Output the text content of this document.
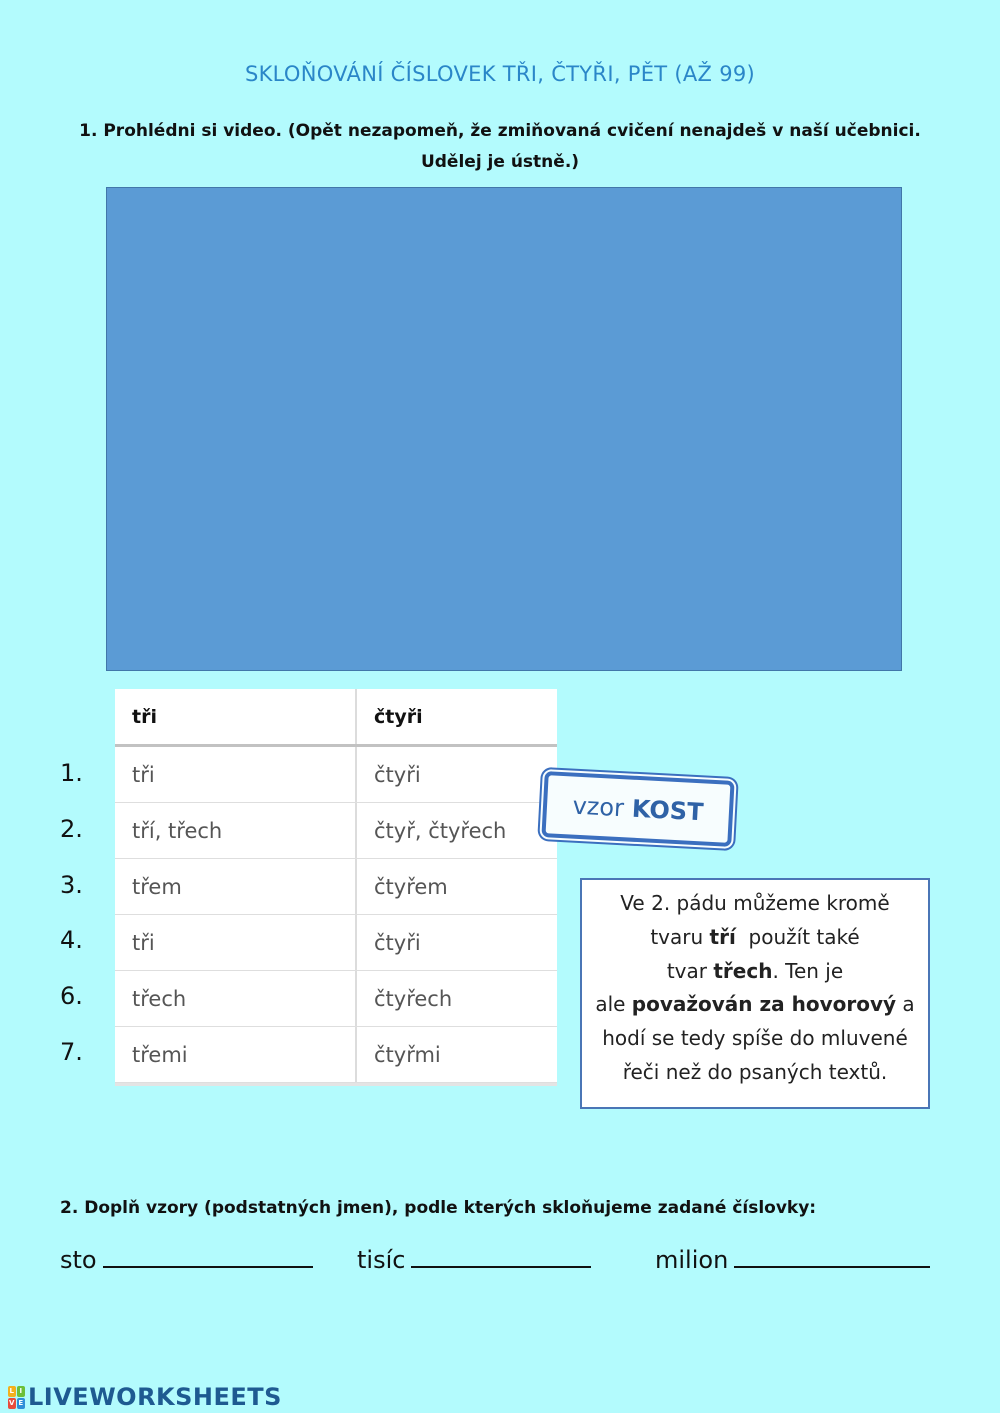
SKLOŇOVÁNÍ ČÍSLOVEK TŘI, ČTYŘI, PĚT (AŽ 99)
1. Prohlédni si video. (Opět nezapomeň, že zmiňovaná cvičení nenajdeš v naší učebnici.
Udělej je ústně.)
1.
2.
3.
4.
6.
7.
tři	čtyři
tři	čtyři
tří, třech	čtyř, čtyřech
třem	čtyřem
tři	čtyři
třech	čtyřech
třemi	čtyřmi
vzor KOST
Ve 2. pádu můžeme kromě
tvaru tří  použít také
tvar třech. Ten je
ale považován za hovorový a
hodí se tedy spíše do mluvené
řeči než do psaných textů.
2. Doplň vzory (podstatných jmen), podle kterých skloňujeme zadané číslovky:
sto	tisíc	milion
L I
V E LIVEWORKSHEETS
